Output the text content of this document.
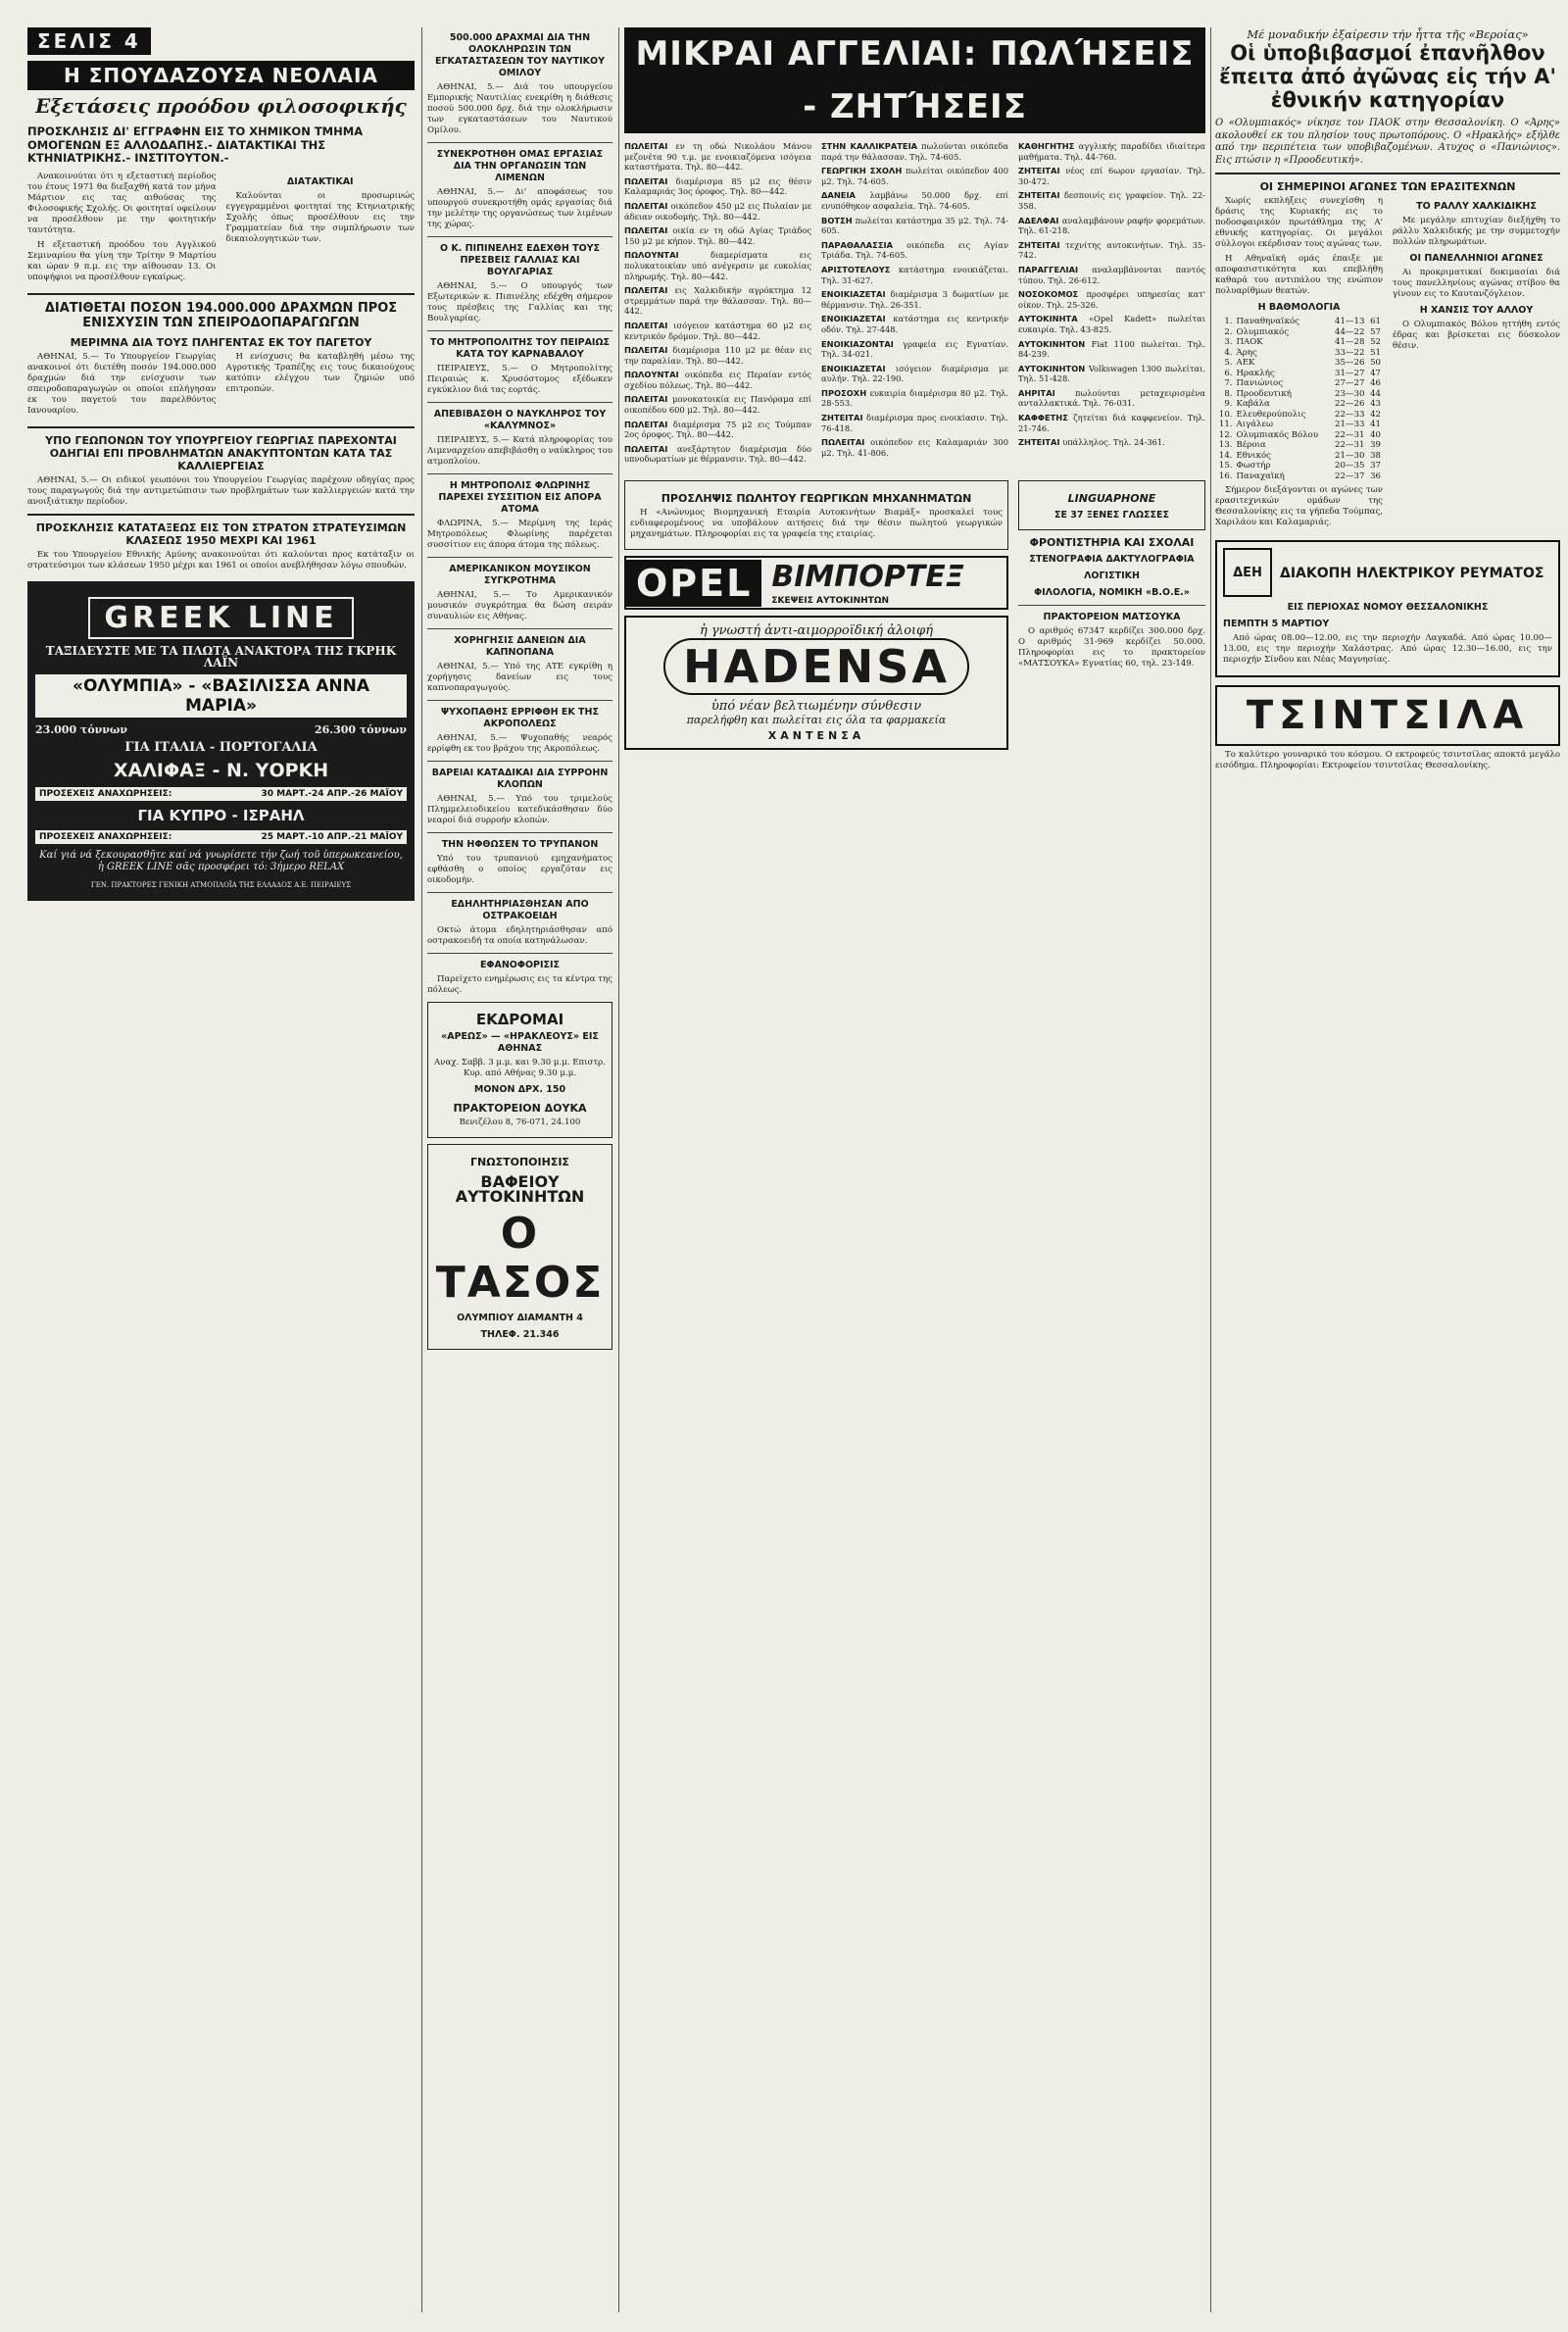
ΣΕΛΙΣ 4
Η ΣΠΟΥΔΑΖΟΥΣΑ ΝΕΟΛΑΙΑ
Εξετάσεις προόδου φιλοσοφικής
ΠΡΟΣΚΛΗΣΙΣ ΔΙ' ΕΓΓΡΑΦΗΝ ΕΙΣ ΤΟ ΧΗΜΙΚΟΝ ΤΜΗΜΑ ΟΜΟΓΕΝΩΝ ΕΞ ΑΛΛΟΔΑΠΗΣ.- ΔΙΑΤΑΚΤΙΚΑΙ ΤΗΣ ΚΤΗΝΙΑΤΡΙΚΗΣ.- ΙΝΣΤΙΤΟΥΤΟΝ.-

Ανακοινούται ότι η εξεταστική περίοδος του έτους 1971 θα διεξαχθή κατά τον μήνα Μάρτιον εις τας αιθούσας της Φιλοσοφικής Σχολής. Οι φοιτηταί οφείλουν να προσέλθουν με την φοιτητικήν ταυτότητα.

Η εξεταστική προόδου του Αγγλικού Σεμιναρίου θα γίνη την Τρίτην 9 Μαρτίου και ώραν 9 π.μ. εις την αίθουσαν 13. Οι υποψήφιοι να προσέλθουν εγκαίρως.

ΔΙΑΤΑΚΤΙΚΑΙ

Καλούνται οι προσωρινώς εγγεγραμμένοι φοιτηταί της Κτηνιατρικής Σχολής όπως προσέλθουν εις την Γραμματείαν διά την συμπλήρωσιν των δικαιολογητικών των.

ΔΙΑΤΙΘΕΤΑΙ ΠΟΣΟΝ 194.000.000 ΔΡΑΧΜΩΝ ΠΡΟΣ ΕΝΙΣΧΥΣΙΝ ΤΩΝ ΣΠΕΙΡΟΔΟΠΑΡΑΓΩΓΩΝ
ΜΕΡΙΜΝΑ ΔΙΑ ΤΟΥΣ ΠΛΗΓΕΝΤΑΣ ΕΚ ΤΟΥ ΠΑΓΕΤΟΥ

ΑΘΗΝΑΙ, 5.— Το Υπουργείον Γεωργίας ανακοινοί ότι διετέθη ποσόν 194.000.000 δραχμών διά την ενίσχυσιν των σπειροδοπαραγωγών οι οποίοι επλήγησαν εκ του παγετού του παρελθόντος Ιανουαρίου.

Η ενίσχυσις θα καταβληθή μέσω της Αγροτικής Τραπέζης εις τους δικαιούχους κατόπιν ελέγχου των ζημιών υπό επιτροπών.

ΥΠΟ ΓΕΩΠΟΝΩΝ ΤΟΥ ΥΠΟΥΡΓΕΙΟΥ ΓΕΩΡΓΙΑΣ ΠΑΡΕΧΟΝΤΑΙ ΟΔΗΓΙΑΙ ΕΠΙ ΠΡΟΒΛΗΜΑΤΩΝ ΑΝΑΚΥΠΤΟΝΤΩΝ ΚΑΤΑ ΤΑΣ ΚΑΛΛΙΕΡΓΕΙΑΣ

ΑΘΗΝΑΙ, 5.— Οι ειδικοί γεωπόνοι του Υπουργείου Γεωργίας παρέχουν οδηγίας προς τους παραγωγούς διά την αντιμετώπισιν των προβλημάτων των καλλιεργειών κατά την ανοιξιάτικην περίοδον.

ΠΡΟΣΚΛΗΣΙΣ ΚΑΤΑΤΑΞΕΩΣ ΕΙΣ ΤΟΝ ΣΤΡΑΤΟΝ ΣΤΡΑΤΕΥΣΙΜΩΝ ΚΛΑΣΕΩΣ 1950 ΜΕΧΡΙ ΚΑΙ 1961

Εκ του Υπουργείου Εθνικής Αμύνης ανακοινούται ότι καλούνται προς κατάταξιν οι στρατεύσιμοι των κλάσεων 1950 μέχρι και 1961 οι οποίοι ανεβλήθησαν λόγω σπουδών.

GREEK LINE
ΤΑΞΙΔΕΥΣΤΕ ΜΕ ΤΑ ΠΛΩΤΑ ΑΝΑΚΤΟΡΑ ΤΗΣ ΓΚΡΗΚ ΛΑΪΝ
«ΟΛΥΜΠΙΑ» - «ΒΑΣΙΛΙΣΣΑ ΑΝΝΑ ΜΑΡΙΑ»
23.000 τόννων	26.300 τόννων
ΓΙΑ ΙΤΑΛΙΑ - ΠΟΡΤΟΓΑΛΙΑ
ΧΑΛΙΦΑΞ - Ν. ΥΟΡΚΗ
ΠΡΟΣΕΧΕΙΣ ΑΝΑΧΩΡΗΣΕΙΣ:	30 ΜΑΡΤ.-24 ΑΠΡ.-26 ΜΑΪΟΥ
ΓΙΑ ΚΥΠΡΟ - ΙΣΡΑΗΛ
ΠΡΟΣΕΧΕΙΣ ΑΝΑΧΩΡΗΣΕΙΣ:	25 ΜΑΡΤ.-10 ΑΠΡ.-21 ΜΑΪΟΥ
Καί γιά νά ξεκουρασθῆτε καί νά γνωρίσετε τήν ζωή τοῦ ὑπερωκεανείου, ἡ GREEK LINE σᾶς προσφέρει τό: 3ήμερο RELAX
ΓΕΝ. ΠΡΑΚΤΟΡΕΣ ΓΕΝΙΚΗ ΑΤΜΟΠΛΟΪΑ ΤΗΣ ΕΛΛΑΔΟΣ Α.Ε. ΠΕΙΡΑΙΕΥΣ
500.000 ΔΡΑΧΜΑΙ ΔΙΑ ΤΗΝ ΟΛΟΚΛΗΡΩΣΙΝ ΤΩΝ ΕΓΚΑΤΑΣΤΑΣΕΩΝ ΤΟΥ ΝΑΥΤΙΚΟΥ ΟΜΙΛΟΥ

ΑΘΗΝΑΙ, 5.— Διά του υπουργείου Εμπορικής Ναυτιλίας ενεκρίθη η διάθεσις ποσού 500.000 δρχ. διά την ολοκλήρωσιν των εγκαταστάσεων του Ναυτικού Ομίλου.

ΣΥΝΕΚΡΟΤΗΘΗ ΟΜΑΣ ΕΡΓΑΣΙΑΣ ΔΙΑ ΤΗΝ ΟΡΓΑΝΩΣΙΝ ΤΩΝ ΛΙΜΕΝΩΝ

ΑΘΗΝΑΙ, 5.— Δι' αποφάσεως του υπουργού συνεκροτήθη ομάς εργασίας διά την μελέτην της οργανώσεως των λιμένων της χώρας.

Ο Κ. ΠΙΠΙΝΕΛΗΣ ΕΔΕΧΘΗ ΤΟΥΣ ΠΡΕΣΒΕΙΣ ΓΑΛΛΙΑΣ ΚΑΙ ΒΟΥΛΓΑΡΙΑΣ

ΑΘΗΝΑΙ, 5.— Ο υπουργός των Εξωτερικών κ. Πιπινέλης εδέχθη σήμερον τους πρέσβεις της Γαλλίας και της Βουλγαρίας.

ΤΟ ΜΗΤΡΟΠΟΛΙΤΗΣ ΤΟΥ ΠΕΙΡΑΙΩΣ ΚΑΤΑ ΤΟΥ ΚΑΡΝΑΒΑΛΟΥ

ΠΕΙΡΑΙΕΥΣ, 5.— Ο Μητροπολίτης Πειραιώς κ. Χρυσόστομος εξέδωκεν εγκύκλιον διά τας εορτάς.

ΑΠΕΒΙΒΑΣΘΗ Ο ΝΑΥΚΛΗΡΟΣ ΤΟΥ «ΚΑΛΥΜΝΟΣ»

ΠΕΙΡΑΙΕΥΣ, 5.— Κατά πληροφορίας του Λιμεναρχείου απεβιβάσθη ο ναύκληρος του ατμοπλοίου.

Η ΜΗΤΡΟΠΟΛΙΣ ΦΛΩΡΙΝΗΣ ΠΑΡΕΧΕΙ ΣΥΣΣΙΤΙΟΝ ΕΙΣ ΑΠΟΡΑ ΑΤΟΜΑ

ΦΛΩΡΙΝΑ, 5.— Μερίμνη της Ιεράς Μητροπόλεως Φλωρίνης παρέχεται συσσίτιον εις άπορα άτομα της πόλεως.

ΑΜΕΡΙΚΑΝΙΚΟΝ ΜΟΥΣΙΚΟΝ ΣΥΓΚΡΟΤΗΜΑ

ΑΘΗΝΑΙ, 5.— Το Αμερικανικόν μουσικόν συγκρότημα θα δώση σειράν συναυλιών εις Αθήνας.

ΧΟΡΗΓΗΣΙΣ ΔΑΝΕΙΩΝ ΔΙΑ ΚΑΠΝΟΠΑΝΑ

ΑΘΗΝΑΙ, 5.— Υπό της ΑΤΕ εγκρίθη η χορήγησις δανείων εις τους καπνοπαραγωγούς.

ΨΥΧΟΠΑΘΗΣ ΕΡΡΙΦΘΗ ΕΚ ΤΗΣ ΑΚΡΟΠΟΛΕΩΣ

ΑΘΗΝΑΙ, 5.— Ψυχοπαθής νεαρός ερρίφθη εκ του βράχου της Ακροπόλεως.

ΒΑΡΕΙΑΙ ΚΑΤΑΔΙΚΑΙ ΔΙΑ ΣΥΡΡΟΗΝ ΚΛΟΠΩΝ

ΑΘΗΝΑΙ, 5.— Υπό του τριμελούς Πλημμελειοδικείου κατεδικάσθησαν δύο νεαροί διά συρροήν κλοπών.

ΤΗΝ ΗΦΘΩΣΕΝ ΤΟ ΤΡΥΠΑΝΟΝ

Υπό του τρυπανιού εμηχανήματος εφθάσθη ο οποίος εργαζόταν εις οικοδομήν.

ΕΔΗΛΗΤΗΡΙΑΣΘΗΣΑΝ ΑΠΟ ΟΣΤΡΑΚΟΕΙΔΗ

Οκτώ άτομα εδηλητηριάσθησαν από οστρακοειδή τα οποία κατηνάλωσαν.

ΕΦΑΝΟΦΟΡΙΣΙΣ

Παρείχετο ενημέρωσις εις τα κέντρα της πόλεως.

ΕΚΔΡΟΜΑΙ
«ΑΡΕΩΣ» — «ΗΡΑΚΛΕΟΥΣ» ΕΙΣ ΑΘΗΝΑΣ
Αναχ. Σαββ. 3 μ.μ. και 9.30 μ.μ. Επιστρ. Κυρ. από Αθήνας 9.30 μ.μ.
ΜΟΝΟΝ ΔΡΧ. 150
ΠΡΑΚΤΟΡΕΙΟΝ ΔΟΥΚΑ
Βενιζέλου 8, 76-071, 24.100
ΓΝΩΣΤΟΠΟΙΗΣΙΣ
ΒΑΦΕΙΟΥ ΑΥΤΟΚΙΝΗΤΩΝ
Ο ΤΑΣΟΣ
ΟΛΥΜΠΙΟΥ ΔΙΑΜΑΝΤΗ 4
ΤΗΛΕΦ. 21.346
ΜΙΚΡΑΙ ΑΓΓΕΛΙΑΙ: ΠΩΛΉΣΕΙΣ - ΖΗΤΉΣΕΙΣ

ΠΩΛΕΙΤΑΙ εν τη οδώ Νικολάου Μάνου μεζονέτα 90 τ.μ. με ενοικιαζόμενα ισόγεια καταστήματα. Τηλ. 80—442.

ΠΩΛΕΙΤΑΙ διαμέρισμα 85 μ2 εις θέσιν Καλαμαριάς 3ος όροφος. Τηλ. 80—442.

ΠΩΛΕΙΤΑΙ οικόπεδον 450 μ2 εις Πυλαίαν με άδειαν οικοδομής. Τηλ. 80—442.

ΠΩΛΕΙΤΑΙ οικία εν τη οδώ Αγίας Τριάδος 150 μ2 με κήπον. Τηλ. 80—442.

ΠΩΛΟΥΝΤΑΙ	διαμερίσματα εις πολυκατοικίαν υπό ανέγερσιν με ευκολίας πληρωμής. Τηλ. 80—442.

ΠΩΛΕΙΤΑΙ εις Χαλκιδικήν αγρόκτημα 12 στρεμμάτων παρά την θάλασσαν. Τηλ. 80—442.

ΠΩΛΕΙΤΑΙ ισόγειον κατάστημα 60 μ2 εις κεντρικόν δρόμον. Τηλ. 80—442.

ΠΩΛΕΙΤΑΙ διαμέρισμα 110 μ2 με θέαν εις την παραλίαν. Τηλ. 80—442.

ΠΩΛΟΥΝΤΑΙ οικόπεδα εις Περαίαν εντός σχεδίου πόλεως. Τηλ. 80—442.

ΠΩΛΕΙΤΑΙ μονοκατοικία εις Πανόραμα επί οικοπέδου 600 μ2. Τηλ. 80—442.

ΠΩΛΕΙΤΑΙ διαμέρισμα 75 μ2 εις Τούμπαν 2ος όροφος. Τηλ. 80—442.

ΠΩΛΕΙΤΑΙ ανεξάρτητον διαμέρισμα δύο υπνοδωματίων με θέρμανσιν. Τηλ. 80—442.

ΣΤΗΝ ΚΑΛΛΙΚΡΑΤΕΙΑ πωλούνται οικόπεδα παρά την θάλασσαν. Τηλ. 74-605.

ΓΕΩΡΓΙΚΗ ΣΧΟΛΗ πωλείται οικόπεδον 400 μ2. Τηλ. 74-605.

ΔΑΝΕΙΑ λαμβάνω 50.000 δρχ. επί ενυπόθηκον ασφαλεία. Τηλ. 74-605.

ΒΟΤΣΗ πωλείται κατάστημα 35 μ2. Τηλ. 74-605.

ΠΑΡΑΘΑΛΑΣΣΙΑ οικόπεδα εις Αγίαν Τριάδα. Τηλ. 74-605.

ΑΡΙΣΤΟΤΕΛΟΥΣ κατάστημα ενοικιάζεται. Τηλ. 31-627.

ΕΝΟΙΚΙΑΖΕΤΑΙ διαμέρισμα 3 δωματίων με θέρμανσιν. Τηλ. 26-351.

ΕΝΟΙΚΙΑΖΕΤΑΙ κατάστημα εις κεντρικήν οδόν. Τηλ. 27-448.

ΕΝΟΙΚΙΑΖΟΝΤΑΙ γραφεία εις Εγνατίαν. Τηλ. 34-021.

ΕΝΟΙΚΙΑΖΕΤΑΙ ισόγειον διαμέρισμα με αυλήν. Τηλ. 22-190.

ΠΡΟΣΟΧΗ ευκαιρία διαμέρισμα 80 μ2. Τηλ. 28-553.

ΖΗΤΕΙΤΑΙ διαμέρισμα προς ενοικίασιν. Τηλ. 76-418.

ΠΩΛΕΙΤΑΙ οικόπεδον εις Καλαμαριάν 300 μ2. Τηλ. 41-806.

ΚΑΘΗΓΗΤΗΣ αγγλικής παραδίδει ιδιαίτερα μαθήματα. Τηλ. 44-760.

ΖΗΤΕΙΤΑΙ νέος επί 6ωρον εργασίαν. Τηλ. 30-472.

ΖΗΤΕΙΤΑΙ δεσποινίς εις γραφείον. Τηλ. 22-358.

ΑΔΕΛΦΑΙ αναλαμβάνουν ραφήν φορεμάτων. Τηλ. 61-218.

ΖΗΤΕΙΤΑΙ τεχνίτης αυτοκινήτων. Τηλ. 35-742.

ΠΑΡΑΓΓΕΛΙΑΙ αναλαμβάνονται παντός τύπου. Τηλ. 26-612.

ΝΟΣΟΚΟΜΟΣ προσφέρει υπηρεσίας κατ' οίκον. Τηλ. 25-326.

ΑΥΤΟΚΙΝΗΤΑ «Opel Kadett» πωλείται ευκαιρία. Τηλ. 43-825.

ΑΥΤΟΚΙΝΗΤΟΝ Fiat 1100 πωλείται. Τηλ. 84-239.

ΑΥΤΟΚΙΝΗΤΟΝ Volkswagen 1300 πωλείται. Τηλ. 51-428.

ΑΗΡΙΤΑΙ πωλούνται μεταχειρισμένα ανταλλακτικά. Τηλ. 76-031.

ΚΑΦΦΕΤΗΣ ζητείται διά καφφενείον. Τηλ. 21-746.

ΖΗΤΕΙΤΑΙ υπάλληλος. Τηλ. 24-361.

ΠΡΟΣΛΗΨΙΣ ΠΩΛΗΤΟΥ ΓΕΩΡΓΙΚΩΝ ΜΗΧΑΝΗΜΑΤΩΝ

Η «Ανώνυμος Βιομηχανική Εταιρία Αυτοκινήτων Βιαμάξ» προσκαλεί τους ενδιαφερομένους να υποβάλουν αιτήσεις διά την θέσιν πωλητού γεωργικών μηχανημάτων. Πληροφορίαι εις τα γραφεία της εταιρίας.

OPEL ΒΙΜΠΟΡΤΕΞ
ΣΚΕΨΕΙΣ ΑΥΤΟΚΙΝΗΤΩΝ
ἡ γνωστή ἀντι-αιμορροϊδική ἀλοιφή
HADENSA
ὑπό νέαν βελτιωμένην σύνθεσιν
παρελήφθη και πωλείται εις όλα τα φαρμακεία
ΧΑΝΤΕΝΣΑ
LINGUAPHONE
ΣΕ 37 ΞΕΝΕΣ ΓΛΩΣΣΕΣ
ΦΡΟΝΤΙΣΤΗΡΙΑ ΚΑΙ ΣΧΟΛΑΙ
ΣΤΕΝΟΓΡΑΦΙΑ ΔΑΚΤΥΛΟΓΡΑΦΙΑ
ΛΟΓΙΣΤΙΚΗ
ΦΙΛΟΛΟΓΙΑ, ΝΟΜΙΚΗ «Β.Ο.Ε.»
ΠΡΑΚΤΟΡΕΙΟΝ ΜΑΤΣΟΥΚΑ

Ο αριθμός 67347 κερδίζει 300.000 δρχ. Ο αριθμός 31-969 κερδίζει 50.000. Πληροφορίαι εις το πρακτορείον «ΜΑΤΣΟΥΚΑ» Εγνατίας 60, τηλ. 23-149.

Μέ μοναδικήν ἐξαίρεσιν τήν ἧττα τῆς «Βεροίας»
Οἱ ὑποβιβασμοί ἐπανῆλθον ἔπειτα ἀπό ἀγῶνας εἰς τήν Α' ἐθνικήν κατηγορίαν

Ο «Ολυμπιακός» νίκησε τον ΠΑΟΚ στην Θεσσαλονίκη. Ο «Άρης» ακολουθεί εκ του πλησίον τους πρωτοπόρους. Ο «Ηρακλής» εξήλθε από την περιπέτεια των υποβιβαζομένων. Ατυχος ο «Πανιώνιος». Εις πτώσιν η «Προοδευτική».

ΟΙ ΣΗΜΕΡΙΝΟΙ ΑΓΩΝΕΣ ΤΩΝ ΕΡΑΣΙΤΕΧΝΩΝ

Χωρίς εκπλήξεις συνεχίσθη η δράσις της Κυριακής εις το ποδοσφαιρικόν πρωτάθλημα της Α' εθνικής κατηγορίας. Οι μεγάλοι σύλλογοι εκέρδισαν τους αγώνας των.

Η Αθηναϊκή ομάς έπαιξε με αποφασιστικότητα και επεβλήθη καθαρά του αντιπάλου της ενώπιον πολυαρίθμων θεατών.

Η ΒΑΘΜΟΛΟΓΙΑ
1.	Παναθηναϊκός	41—13	61
2.	Ολυμπιακός	44—22	57
3.	ΠΑΟΚ	41—28	52
4.	Άρης	33—22	51
5.	ΑΕΚ	35—26	50
6.	Ηρακλής	31—27	47
7.	Πανιώνιος	27—27	46
8.	Προοδευτική	23—30	44
9.	Καβάλα	22—26	43
10.	Ελευθερούπολις	22—33	42
11.	Αιγάλεω	21—33	41
12.	Ολυμπιακός Βόλου	22—31	40
13.	Βέροια	22—31	39
14.	Εθνικός	21—30	38
15.	Φωστήρ	20—35	37
16.	Παναχαϊκή	22—37	36

Σήμερον διεξάγονται οι αγώνες των ερασιτεχνικών ομάδων της Θεσσαλονίκης εις τα γήπεδα Τούμπας, Χαριλάου και Καλαμαριάς.

ΤΟ ΡΑΛΛΥ ΧΑΛΚΙΔΙΚΗΣ

Με μεγάλην επιτυχίαν διεξήχθη το ράλλυ Χαλκιδικής με την συμμετοχήν πολλών πληρωμάτων.

ΟΙ ΠΑΝΕΛΛΗΝΙΟΙ ΑΓΩΝΕΣ

Αι προκριματικαί δοκιμασίαι διά τους πανελληνίους αγώνας στίβου θα γίνουν εις το Καυτανζόγλειον.

Η ΧΑΝΣΙΣ ΤΟΥ ΑΛΛΟΥ

Ο Ολυμπιακός Βόλου ηττήθη εντός έδρας και βρίσκεται εις δύσκολον θέσιν.

ΔΕΗ	ΔΙΑΚΟΠΗ ΗΛΕΚΤΡΙΚΟΥ ΡΕΥΜΑΤΟΣ
ΕΙΣ ΠΕΡΙΟΧΑΣ ΝΟΜΟΥ ΘΕΣΣΑΛΟΝΙΚΗΣ
ΠΕΜΠΤΗ 5 ΜΑΡΤΙΟΥ

Από ώρας 08.00—12.00, εις την περιοχήν Λαγκαδά. Από ώρας 10.00—13.00, εις την περιοχήν Χαλάστρας. Από ώρας 12.30—16.00, εις την περιοχήν Σίνδου και Νέας Μαγνησίας.

ΤΣΙΝΤΣΙΛΑ

Το καλύτερο γουναρικό του κόσμου. Ο εκτροφεύς τσιντσίλας αποκτά μεγάλο εισόδημα. Πληροφορίαι: Εκτροφείον τσιντσίλας Θεσσαλονίκης.
